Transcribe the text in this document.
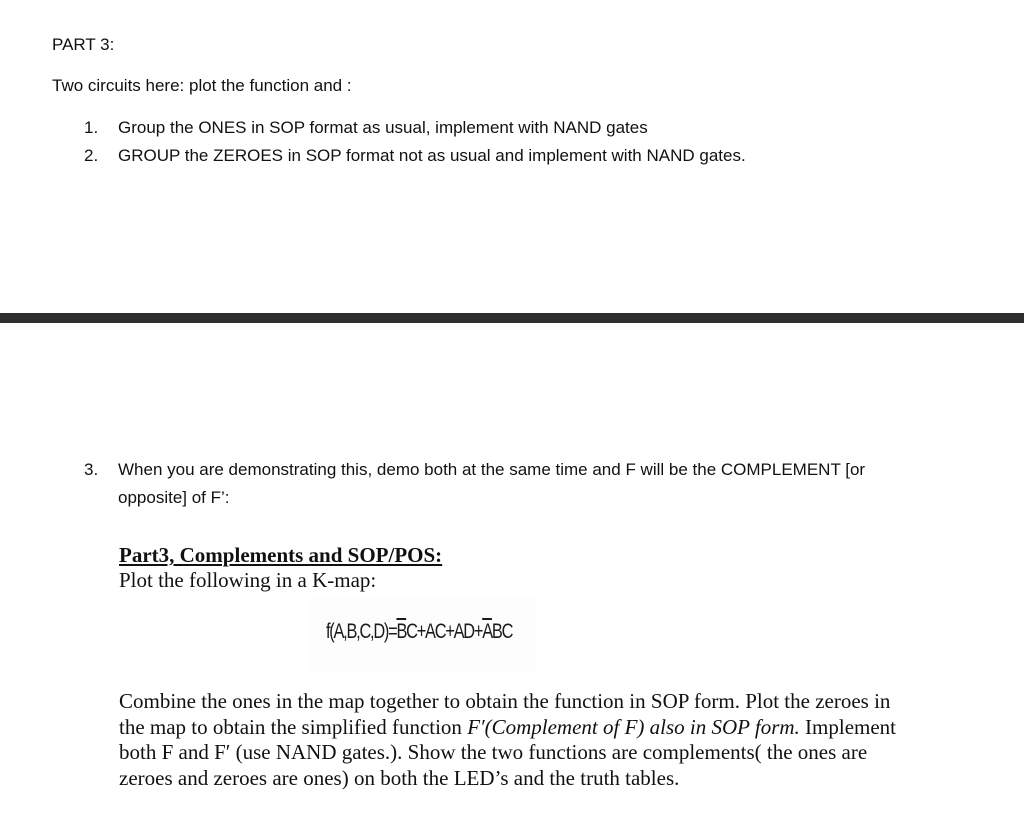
PART 3:
Two circuits here: plot the function and :
1. Group the ONES in SOP format as usual, implement with NAND gates
2. GROUP the ZEROES in SOP format not as usual and implement with NAND gates.
3. When you are demonstrating this, demo both at the same time and F will be the COMPLEMENT [or opposite] of F’:
Part3, Complements and SOP/POS:
Plot the following in a K-map:
$f(A,B,C,D)=\overline{B}C+AC+AD+\overline{A}BC$
Combine the ones in the map together to obtain the function in SOP form. Plot the zeroes in the map to obtain the simplified function F′(Complement of F) also in SOP form. Implement both F and F′ (use NAND gates.). Show the two functions are complements( the ones are zeroes and zeroes are ones) on both the LED’s and the truth tables.
